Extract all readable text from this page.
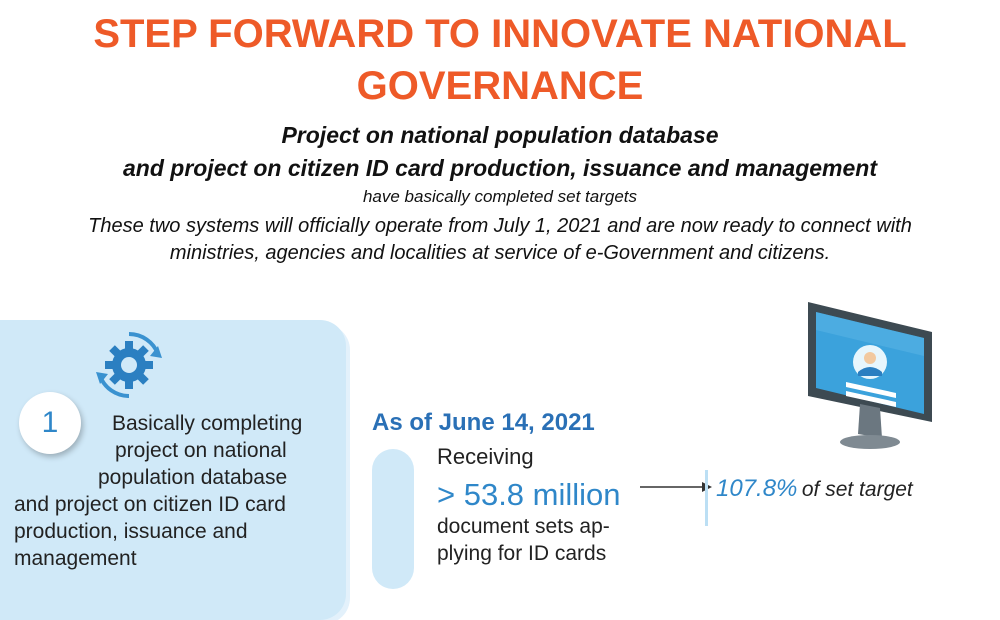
STEP FORWARD TO INNOVATE NATIONAL
GOVERNANCE

Project on national population database

and project on citizen ID card production, issuance and management

have basically completed set targets

These two systems will officially operate from July 1, 2021 and are now ready to connect with

ministries, agencies and localities at service of e-Government and citizens.

1	Basically completing

project on national

population database

and project on citizen ID card

production, issuance and

management

As of June 14, 2021

Receiving

> 53.8 million

document sets ap-

plying for ID cards

107.8% of set target
